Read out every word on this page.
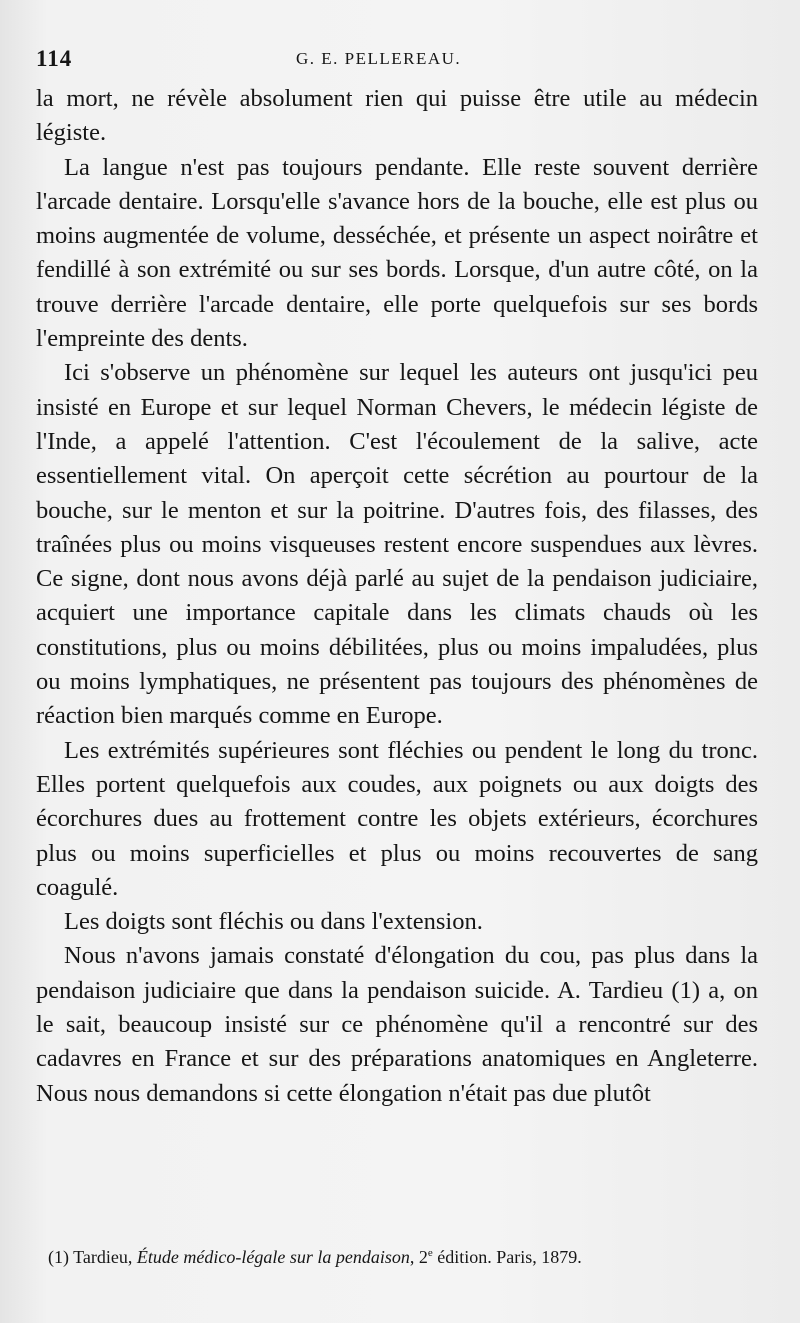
114	G. E. PELLEREAU.

la mort, ne révèle absolument rien qui puisse être utile au médecin légiste.

La langue n'est pas toujours pendante. Elle reste souvent derrière l'arcade dentaire. Lorsqu'elle s'avance hors de la bouche, elle est plus ou moins augmentée de volume, desséchée, et présente un aspect noirâtre et fendillé à son extrémité ou sur ses bords. Lorsque, d'un autre côté, on la trouve derrière l'arcade dentaire, elle porte quelquefois sur ses bords l'empreinte des dents.

Ici s'observe un phénomène sur lequel les auteurs ont jusqu'ici peu insisté en Europe et sur lequel Norman Chevers, le médecin légiste de l'Inde, a appelé l'attention. C'est l'écoulement de la salive, acte essentiellement vital. On aperçoit cette sécrétion au pourtour de la bouche, sur le menton et sur la poitrine. D'autres fois, des filasses, des traînées plus ou moins visqueuses restent encore suspendues aux lèvres. Ce signe, dont nous avons déjà parlé au sujet de la pendaison judiciaire, acquiert une importance capitale dans les climats chauds où les constitutions, plus ou moins débilitées, plus ou moins impaludées, plus ou moins lymphatiques, ne présentent pas toujours des phénomènes de réaction bien marqués comme en Europe.

Les extrémités supérieures sont fléchies ou pendent le long du tronc. Elles portent quelquefois aux coudes, aux poignets ou aux doigts des écorchures dues au frottement contre les objets extérieurs, écorchures plus ou moins superficielles et plus ou moins recouvertes de sang coagulé.

Les doigts sont fléchis ou dans l'extension.

Nous n'avons jamais constaté d'élongation du cou, pas plus dans la pendaison judiciaire que dans la pendaison suicide. A. Tardieu (1) a, on le sait, beaucoup insisté sur ce phénomène qu'il a rencontré sur des cadavres en France et sur des préparations anatomiques en Angleterre. Nous nous demandons si cette élongation n'était pas due plutôt

(1) Tardieu, Étude médico-légale sur la pendaison, 2e édition. Paris, 1879.
